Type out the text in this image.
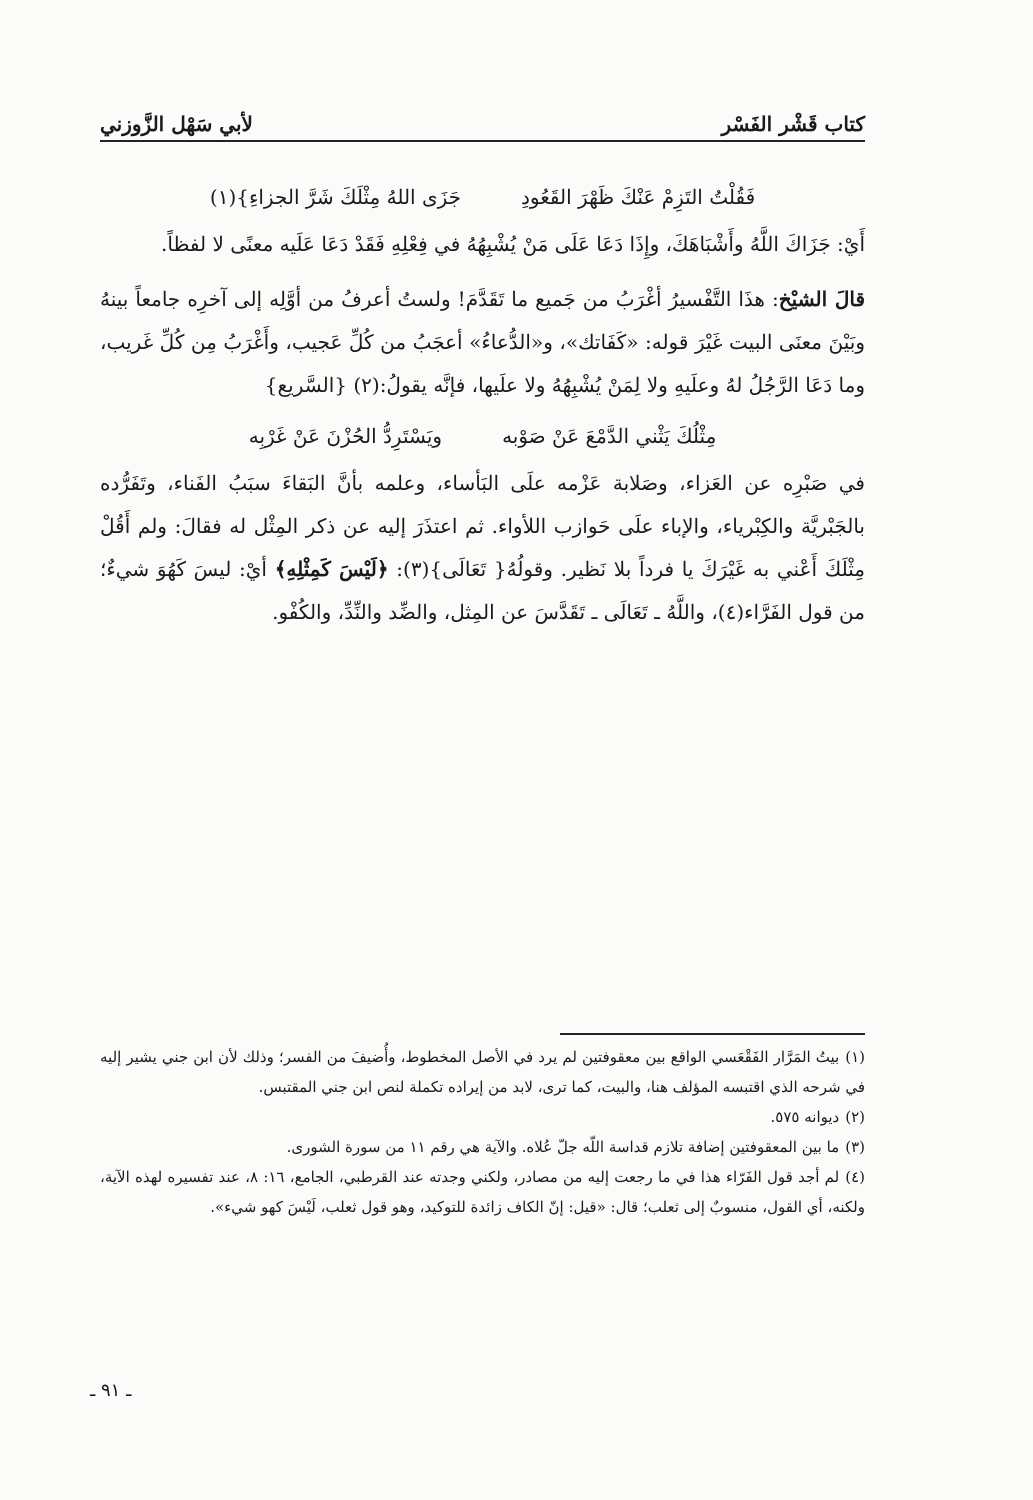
كتاب قَشْر الفَسْر
لأبي سَهْل الزَّوزني
فَقُلْتُ التَزِمْ عَنْكَ ظَهْرَ القَعُودِ
جَزَى اللهُ مِثْلَكَ شَرَّ الجزاءِ}(١)

أَيْ: جَزَاكَ اللَّهُ وأَشْبَاهَكَ، وإِذَا دَعَا عَلَى مَنْ يُشْبِهُهُ في فِعْلِهِ فَقَدْ دَعَا عَلَيه معنًى لا لفظاً.

قالَ الشيْخ: هذَا التَّفْسيرُ أغْرَبُ من جَميع ما تَقَدَّمَ! ولستُ أعرفُ من أوَّلِه إلى آخرِه جامعاً بينهُ وبَيْنَ معنَى البيت غَيْرَ قوله: «كَفَاتك»، و«الدُّعاءُ» أعجَبُ من كُلِّ عَجيب، وأَغْرَبُ مِن كُلِّ غَريب، وما دَعَا الرَّجُلُ لهُ وعلَيهِ ولا لِمَنْ يُشْبِهُهُ ولا علَيها، فإنَّه يقولُ:(٢) {السَّريع}

مِثْلُكَ يَثْني الدَّمْعَ عَنْ صَوْبه
ويَسْتَرِدُّ الحُزْنَ عَنْ غَرْبِه

في صَبْرِه عن العَزاء، وصَلابة عَزْمه علَى البَأساء، وعلمه بأنَّ البَقاءَ سبَبُ الفَناء، وتَفَرُّده بالجَبْريَّة والكِبْرياء، والإباء علَى حَوازب اللأواء. ثم اعتذَرَ إليه عن ذكر المِثْل له فقالَ: ولم أَقُلْ مِثْلَكَ أَعْني به غَيْرَكَ يا فرداً بلا نَظير. وقولُهُ{ تَعَالَى}(٣): ﴿لَيْسَ كَمِثْلِهِ﴾ أيْ: ليسَ كَهُوَ شيءٌ؛ من قول الفَرَّاء(٤)، واللَّهُ ـ تَعَالَى ـ تَقَدَّسَ عن المِثل، والضِّد والنِّدِّ، والكُفْو.

(١)بيتُ المَرَّار الفَقْعَسي الواقع بين معقوفتين لم يرد في الأصل المخطوط، وأُضيفَ من الفسر؛ وذلك لأن ابن جني يشير إليه في شرحه الذي اقتبسه المؤلف هنا، والبيت، كما ترى، لابد من إيراده تكملة لنص ابن جني المقتبس.

(٢)ديوانه ٥٧٥.

(٣)ما بين المعقوفتين إضافة تلازم قداسة اللّه جلّ عُلاه. والآية هي رقم ١١ من سورة الشورى.

(٤)لم أجد قول الفَرّاء هذا في ما رجعت إليه من مصادر، ولكني وجدته عند القرطبي، الجامع، ١٦: ٨، عند تفسيره لهذه الآية، ولكنه، أي القول، منسوبٌ إلى ثعلب؛ قال: «قيل: إنّ الكاف زائدة للتوكيد، وهو قول ثعلب، لَيْسَ كهو شيء».

ـ ٩١ ـ
